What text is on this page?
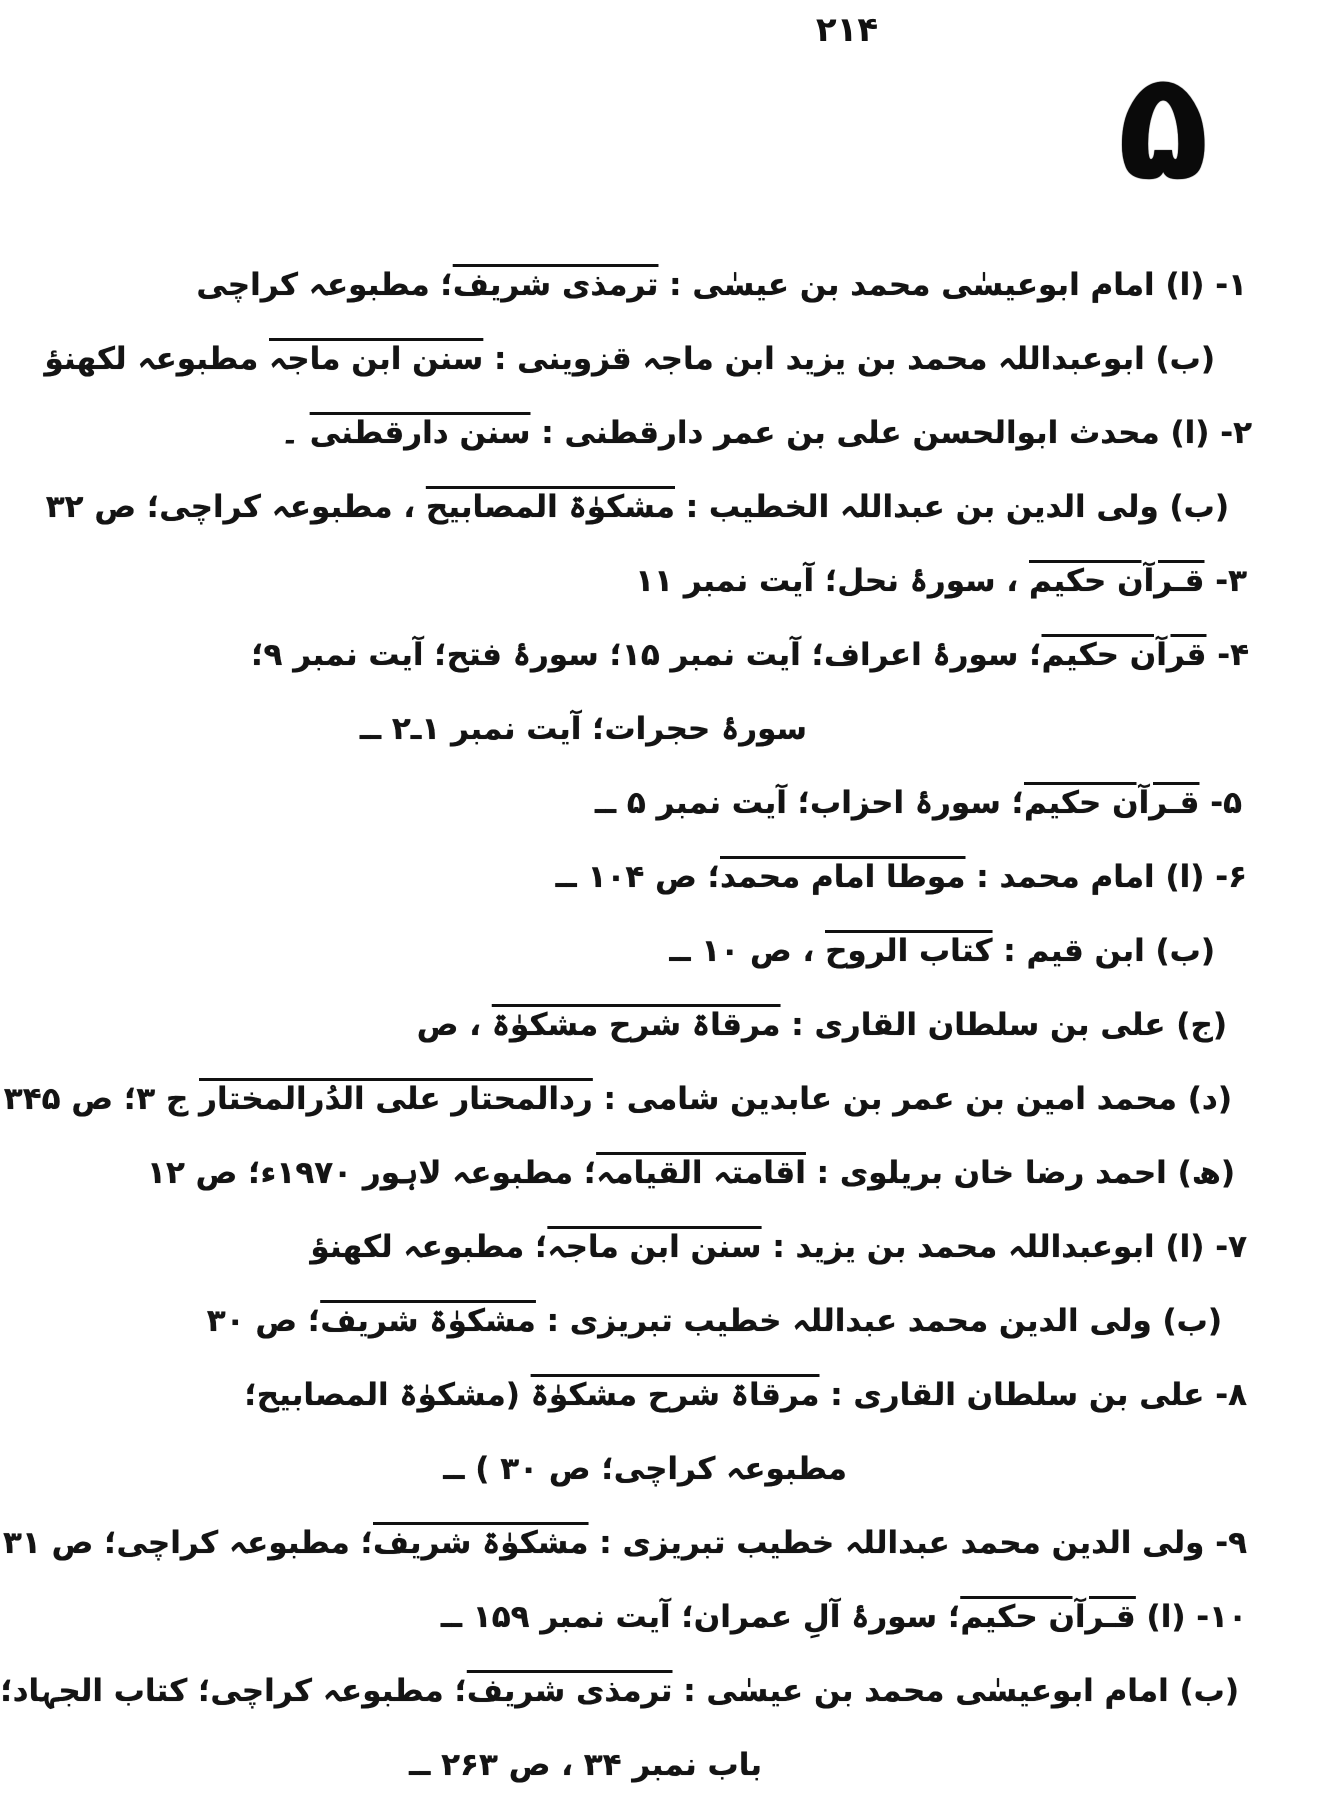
۲۱۴
۵
۱- (ا) امام ابوعیسٰی محمد بن عیسٰی : ترمذی شریف؛ مطبوعہ کراچی
(ب) ابوعبداللہ محمد بن یزید ابن ماجہ قزوینی : سنن ابن ماجہ مطبوعہ لکھنؤ
۲- (ا) محدث ابوالحسن علی بن عمر دارقطنی : سنن دارقطنی ۔
(ب) ولی الدین بن عبداللہ الخطیب : مشکوٰۃ المصابیح ، مطبوعہ کراچی؛ ص ۳۲
۳- قـرآن حکیم ، سورۂ نحل؛ آیت نمبر ۱۱
۴- قرآن حکیم؛ سورۂ اعراف؛ آیت نمبر ۱۵؛ سورۂ فتح؛ آیت نمبر ۹؛
سورۂ حجرات؛ آیت نمبر ۱ـ۲ ــ
۵- قـرآن حکیم؛ سورۂ احزاب؛ آیت نمبر ۵ ــ
۶- (ا) امام محمد : موطا امام محمد؛ ص ۱۰۴ ــ
(ب) ابن قیم : کتاب الروح ، ص ۱۰ ــ
(ج) علی بن سلطان القاری : مرقاۃ شرح مشکوٰۃ ، ص
(د) محمد امین بن عمر بن عابدین شامی : ردالمحتار علی الدُرالمختار ج ۳؛ ص ۳۴۵
(ھ) احمد رضا خان بریلوی : اقامتہ القیامہ؛ مطبوعہ لاہور ۱۹۷۰ء؛ ص ۱۲
۷- (ا) ابوعبداللہ محمد بن یزید : سنن ابن ماجہ؛ مطبوعہ لکھنؤ
(ب) ولی الدین محمد عبداللہ خطیب تبریزی : مشکوٰۃ شریف؛ ص ۳۰
۸- علی بن سلطان القاری : مرقاۃ شرح مشکوٰۃ (مشکوٰۃ المصابیح؛
مطبوعہ کراچی؛ ص ۳۰ ) ــ
۹- ولی الدین محمد عبداللہ خطیب تبریزی : مشکوٰۃ شریف؛ مطبوعہ کراچی؛ ص ۳۱
۱۰- (ا) قـرآن حکیم؛ سورۂ آلِ عمران؛ آیت نمبر ۱۵۹ ــ
(ب) امام ابوعیسٰی محمد بن عیسٰی : ترمذی شریف؛ مطبوعہ کراچی؛ کتاب الجہاد؛
باب نمبر ۳۴ ، ص ۲۶۳ ــ
